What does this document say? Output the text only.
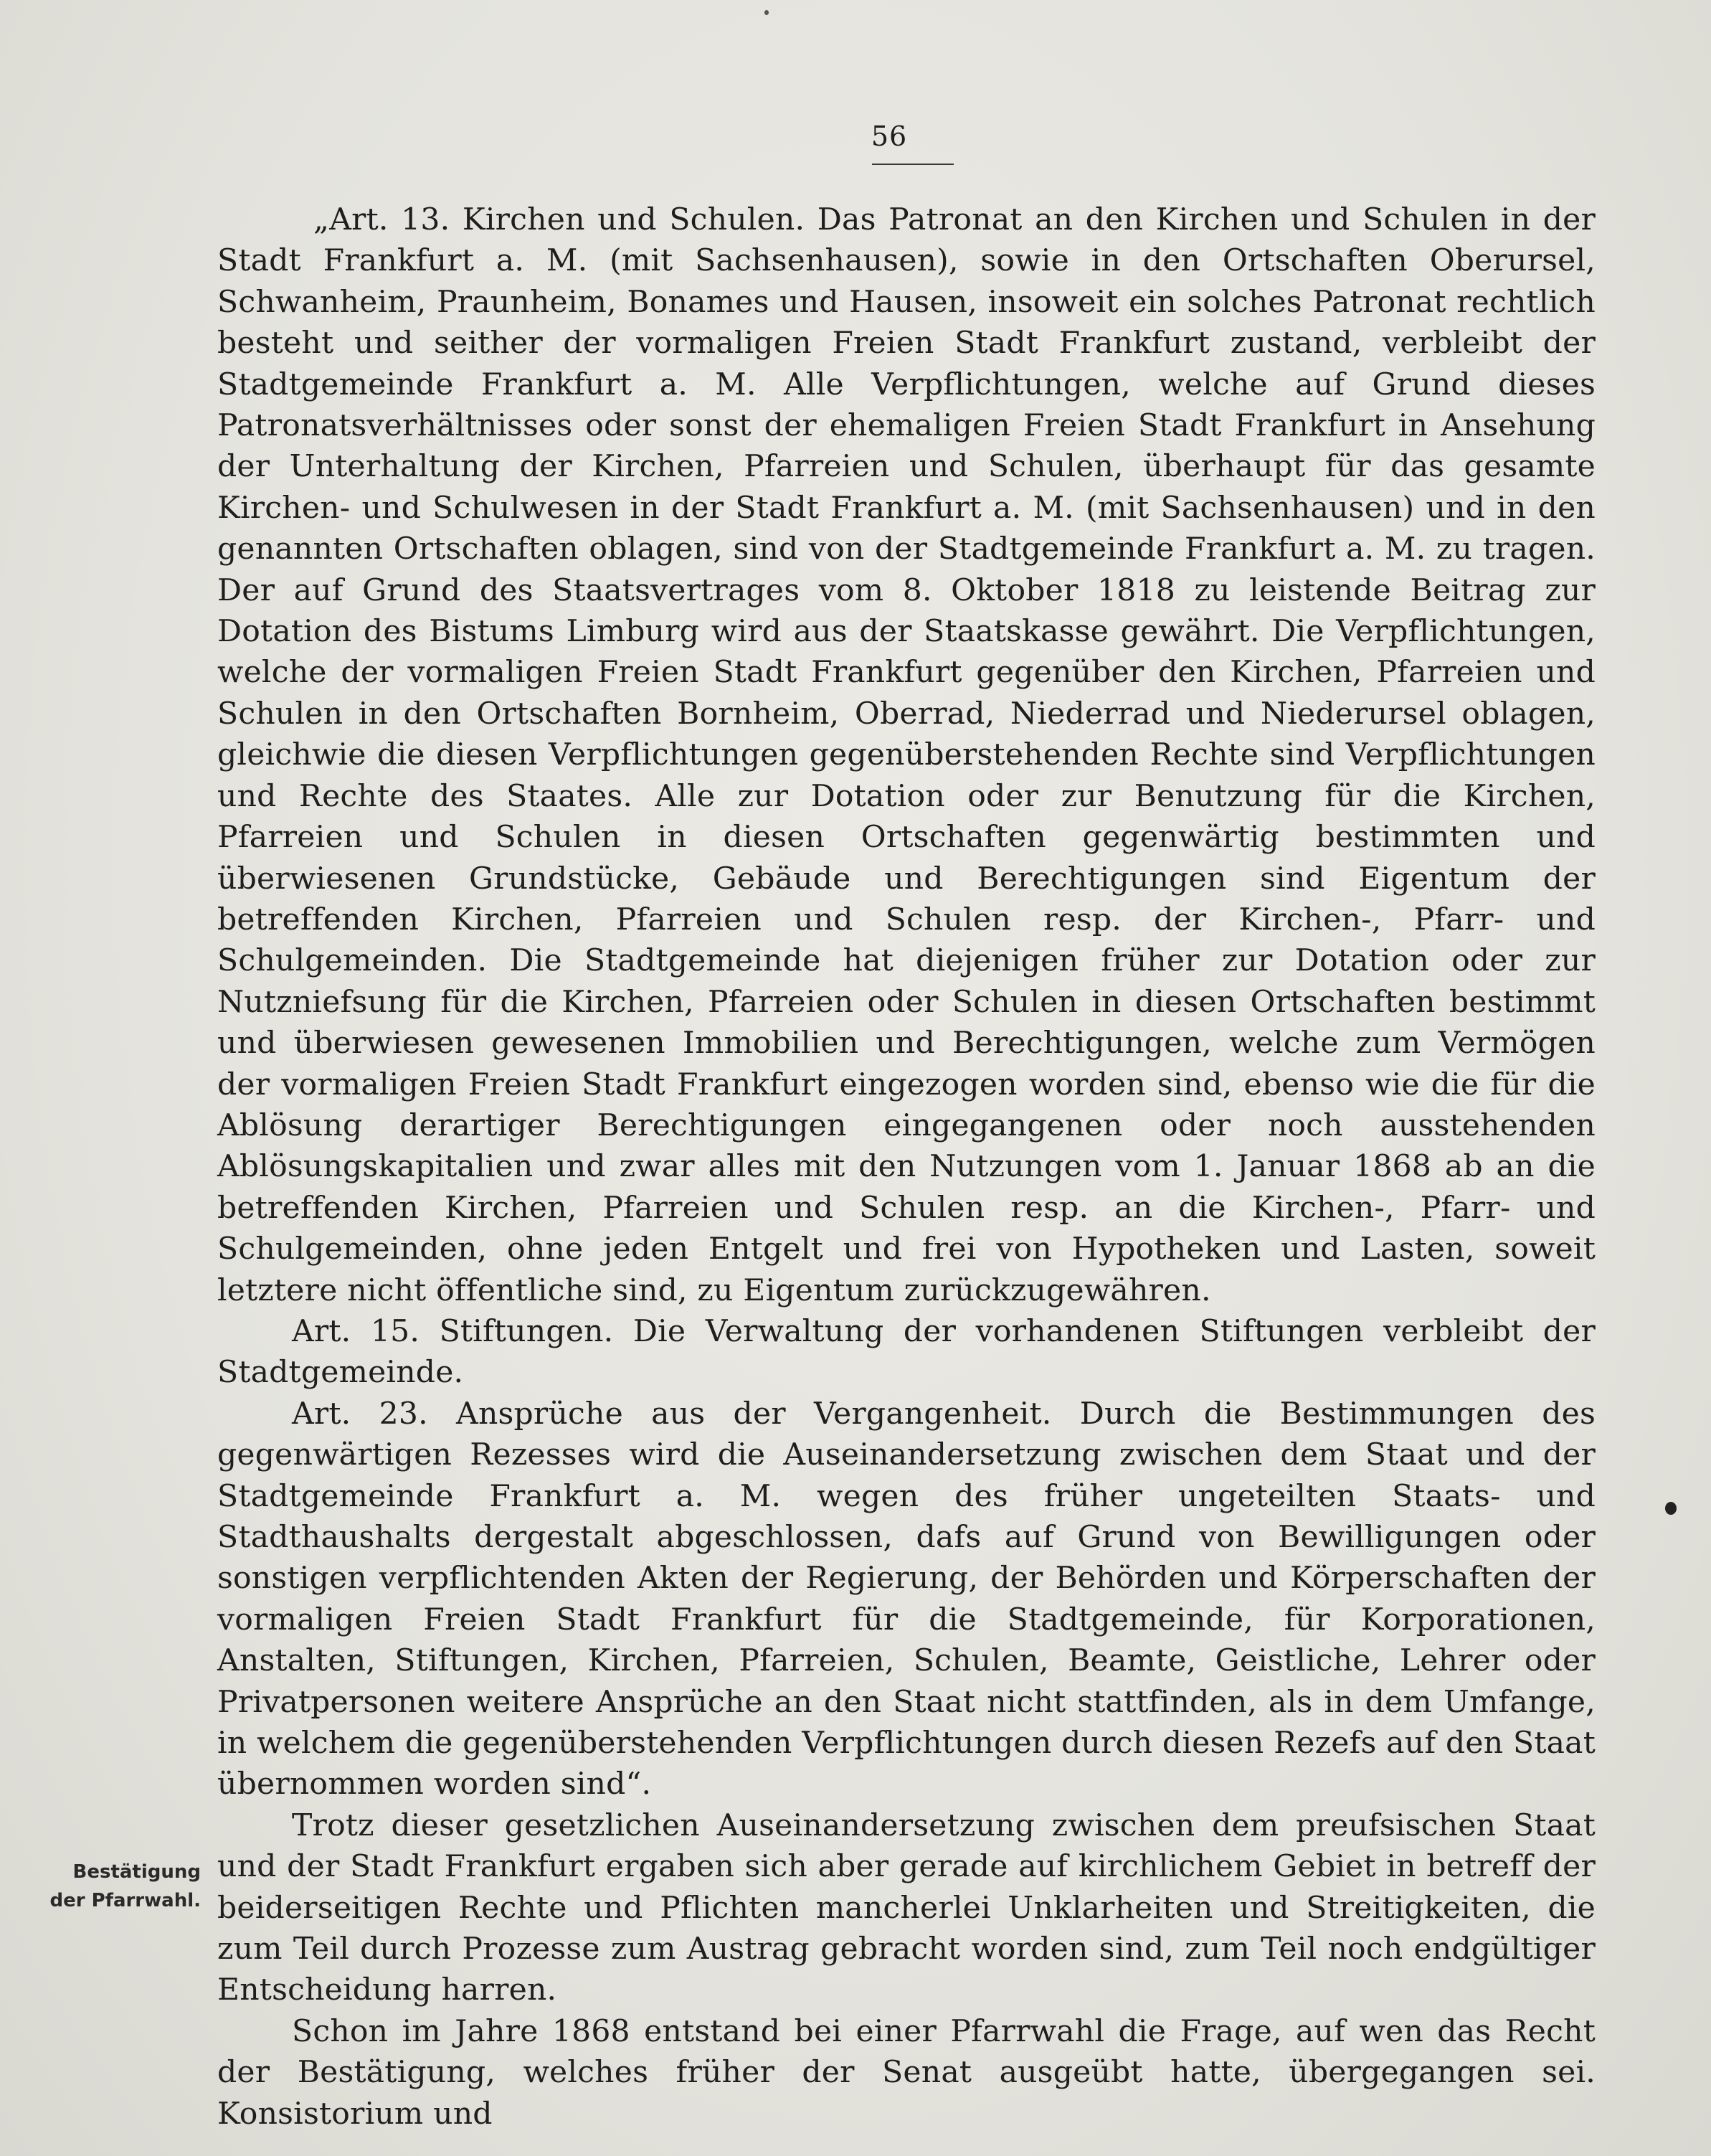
56

„Art. 13. Kirchen und Schulen. Das Patronat an den Kirchen und Schulen in der Stadt Frankfurt a. M. (mit Sachsenhausen), sowie in den Ortschaften Oberursel, Schwanheim, Praunheim, Bonames und Hausen, insoweit ein solches Patronat rechtlich besteht und seither der vormaligen Freien Stadt Frankfurt zustand, verbleibt der Stadtgemeinde Frankfurt a. M. Alle Verpflichtungen, welche auf Grund dieses Patronatsverhältnisses oder sonst der ehemaligen Freien Stadt Frankfurt in Ansehung der Unterhaltung der Kirchen, Pfarreien und Schulen, überhaupt für das gesamte Kirchen- und Schulwesen in der Stadt Frankfurt a. M. (mit Sachsenhausen) und in den genannten Ortschaften oblagen, sind von der Stadtgemeinde Frankfurt a. M. zu tragen. Der auf Grund des Staatsvertrages vom 8. Oktober 1818 zu leistende Beitrag zur Dotation des Bistums Limburg wird aus der Staatskasse gewährt. Die Verpflichtungen, welche der vormaligen Freien Stadt Frankfurt gegenüber den Kirchen, Pfarreien und Schulen in den Ortschaften Bornheim, Oberrad, Niederrad und Niederursel oblagen, gleichwie die diesen Verpflichtungen gegenüberstehenden Rechte sind Verpflichtungen und Rechte des Staates. Alle zur Dotation oder zur Benutzung für die Kirchen, Pfarreien und Schulen in diesen Ortschaften gegenwärtig bestimmten und überwiesenen Grundstücke, Gebäude und Berechtigungen sind Eigentum der betreffenden Kirchen, Pfarreien und Schulen resp. der Kirchen-, Pfarr- und Schulgemeinden. Die Stadtgemeinde hat diejenigen früher zur Dotation oder zur Nutzniefsung für die Kirchen, Pfarreien oder Schulen in diesen Ortschaften bestimmt und überwiesen gewesenen Immobilien und Berechtigungen, welche zum Vermögen der vormaligen Freien Stadt Frankfurt eingezogen worden sind, ebenso wie die für die Ablösung derartiger Berechtigungen eingegangenen oder noch ausstehenden Ablösungskapitalien und zwar alles mit den Nutzungen vom 1. Januar 1868 ab an die betreffenden Kirchen, Pfarreien und Schulen resp. an die Kirchen-, Pfarr- und Schulgemeinden, ohne jeden Entgelt und frei von Hypotheken und Lasten, soweit letztere nicht öffentliche sind, zu Eigentum zurückzugewähren.

Art. 15. Stiftungen. Die Verwaltung der vorhandenen Stiftungen verbleibt der Stadtgemeinde.

Art. 23. Ansprüche aus der Vergangenheit. Durch die Bestimmungen des gegenwärtigen Rezesses wird die Auseinandersetzung zwischen dem Staat und der Stadtgemeinde Frankfurt a. M. wegen des früher ungeteilten Staats- und Stadthaushalts dergestalt abgeschlossen, dafs auf Grund von Bewilligungen oder sonstigen verpflichtenden Akten der Regierung, der Behörden und Körperschaften der vormaligen Freien Stadt Frankfurt für die Stadtgemeinde, für Korporationen, Anstalten, Stiftungen, Kirchen, Pfarreien, Schulen, Beamte, Geistliche, Lehrer oder Privatpersonen weitere Ansprüche an den Staat nicht stattfinden, als in dem Umfange, in welchem die gegenüberstehenden Verpflichtungen durch diesen Rezefs auf den Staat übernommen worden sind“.

Trotz dieser gesetzlichen Auseinandersetzung zwischen dem preufsischen Staat und der Stadt Frankfurt ergaben sich aber gerade auf kirchlichem Gebiet in betreff der beiderseitigen Rechte und Pflichten mancherlei Unklarheiten und Streitigkeiten, die zum Teil durch Prozesse zum Austrag gebracht worden sind, zum Teil noch endgültiger Entscheidung harren.

Schon im Jahre 1868 entstand bei einer Pfarrwahl die Frage, auf wen das Recht der Bestätigung, welches früher der Senat ausgeübt hatte, übergegangen sei. Konsistorium und

Bestätigung
der Pfarrwahl.
